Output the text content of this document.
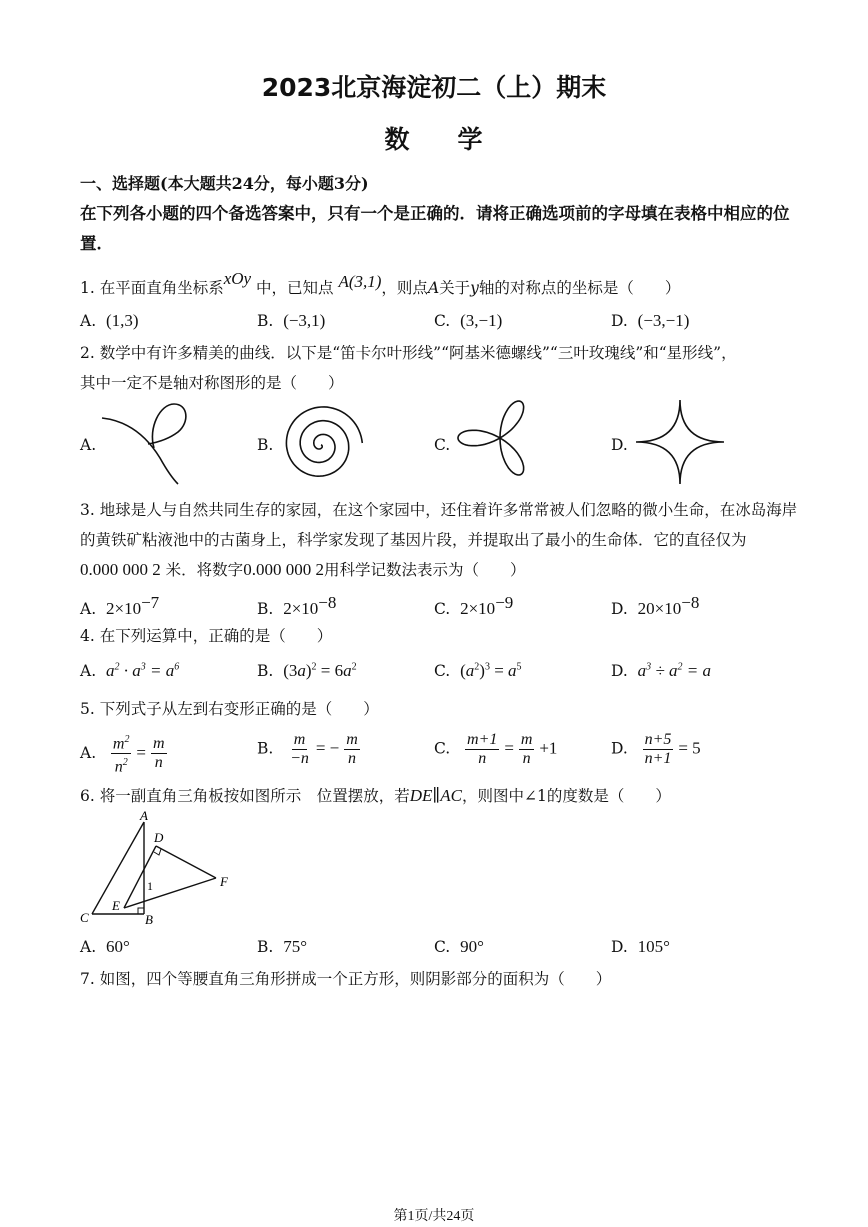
2023北京海淀初二（上）期末
数学
一、选择题(本大题共24分，每小题3分)
在下列各小题的四个备选答案中，只有一个是正确的．请将正确选项前的字母填在表格中相应的位置．
1. 在平面直角坐标系xOy 中，已知点 A(3,1)，则点A关于y轴的对称点的坐标是（　　）
A. (1,3)	B. (−3,1)	C. (3,−1)	D. (−3,−1)
2. 数学中有许多精美的曲线．以下是“笛卡尔叶形线”“阿基米德螺线”“三叶玫瑰线”和“星形线”，
其中一定不是轴对称图形的是（　　）
A.	B.	C.	D.
3. 地球是人与自然共同生存的家园，在这个家园中，还住着许多常常被人们忽略的微小生命，在冰岛海岸
的黄铁矿粘液池中的古菌身上，科学家发现了基因片段，并提取出了最小的生命体．它的直径仅为
0.000 000 2 米．将数字0.000 000 2用科学记数法表示为（　　）
A. $2\times 10^{-7}$	B. $2\times 10^{-8}$	C. $2\times 10^{-9}$	D. $20\times 10^{-8}$
4. 在下列运算中，正确的是（　　）
A. $a^2 \cdot a^3 = a^6$	B. $(3a)^2 = 6a^2$	C. $(a^2)^3 = a^5$	D. $a^3 \div a^2 = a$
5. 下列式子从左到右变形正确的是（　　）
A. $\frac{m^2}{n^2} = \frac{m}{n}$	B. $\frac{m}{-n}$ = − $\frac{m}{n}$	C. $\frac{m+1}{n} = \frac{m}{n} +1$	D. $\frac{n+5}{n+1} = 5$
6. 将一副直角三角板按如图所示　位置摆放，若DE∥AC，则图中∠1的度数是（　　）
A
D
F
C
E
B
1
A. 60°	B. 75°	C. 90°	D. 105°
7. 如图，四个等腰直角三角形拼成一个正方形，则阴影部分的面积为（　　）
第1页/共24页
